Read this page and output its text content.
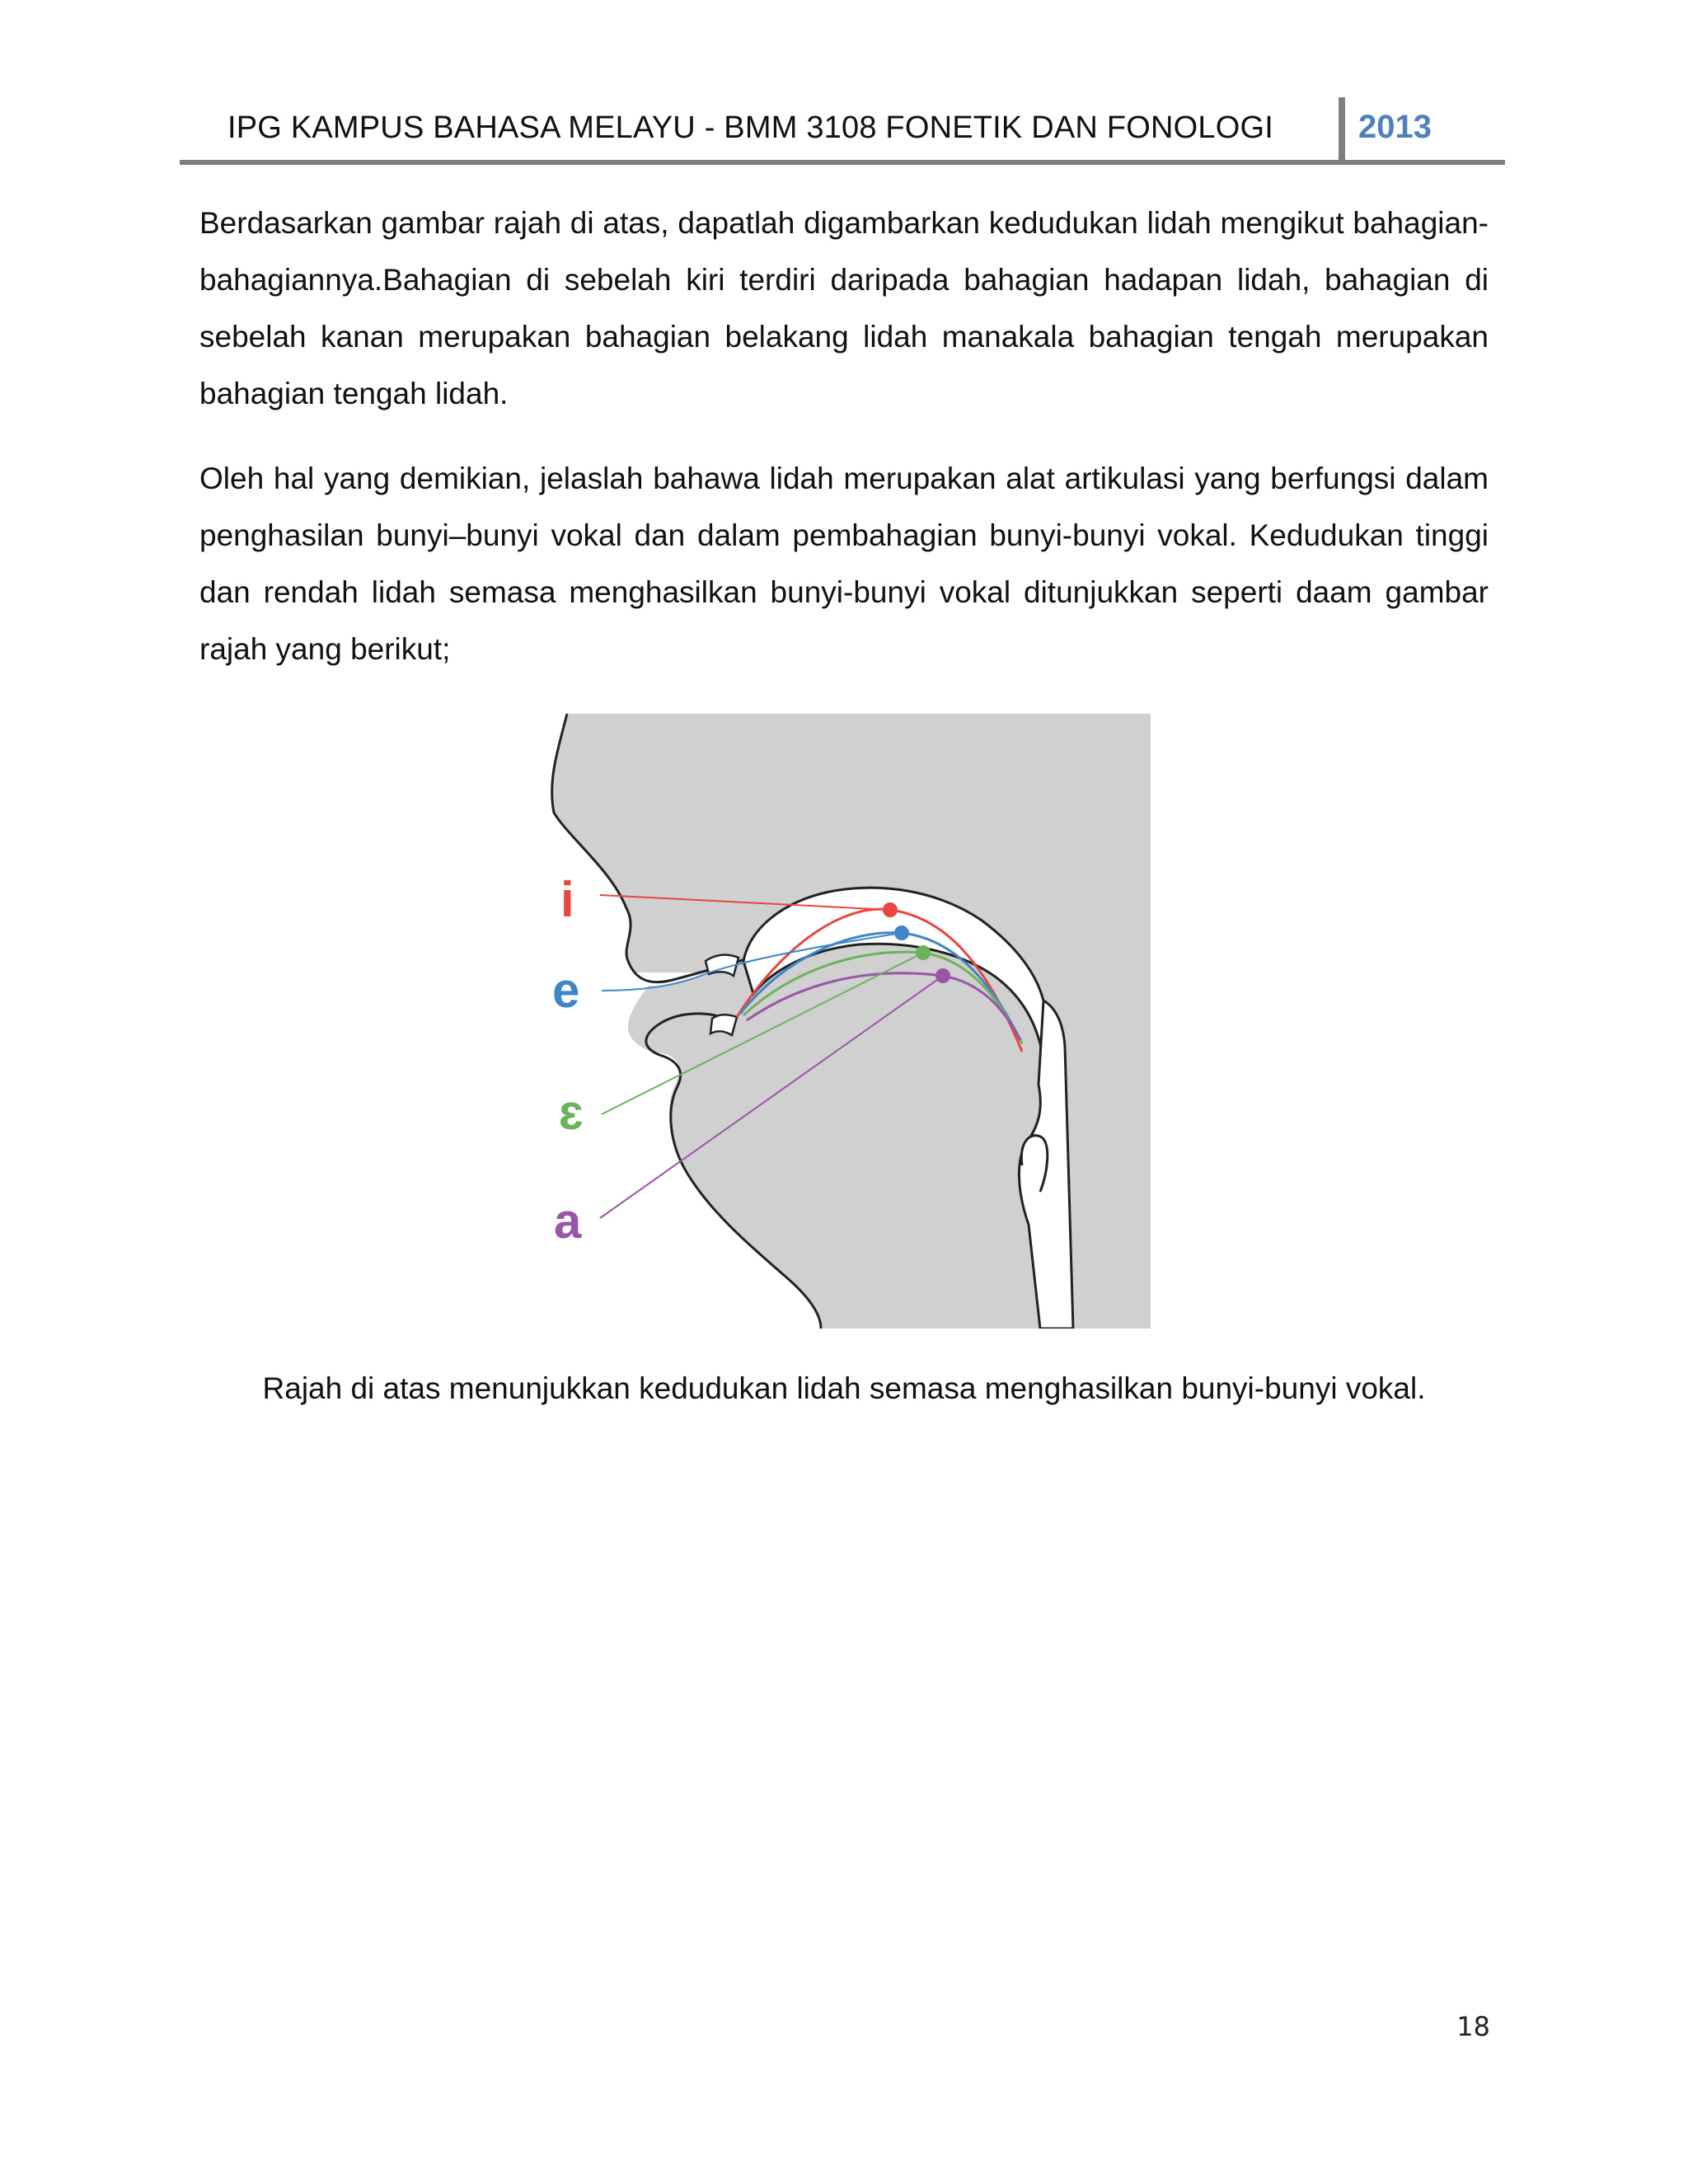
IPG KAMPUS BAHASA MELAYU - BMM 3108 FONETIK DAN FONOLOGI	2013

Berdasarkan gambar rajah di atas, dapatlah digambarkan kedudukan lidah mengikut bahagian-bahagiannya.Bahagian di sebelah kiri terdiri daripada bahagian hadapan lidah, bahagian di sebelah kanan merupakan bahagian belakang lidah manakala bahagian tengah merupakan bahagian tengah lidah.

Oleh hal yang demikian, jelaslah bahawa lidah merupakan alat artikulasi yang berfungsi dalam penghasilan bunyi–bunyi vokal dan dalam pembahagian bunyi-bunyi vokal. Kedudukan tinggi dan rendah lidah semasa menghasilkan bunyi-bunyi vokal ditunjukkan seperti daam gambar rajah yang berikut;

i
e
ɛ
a

Rajah di atas menunjukkan kedudukan lidah semasa menghasilkan bunyi-bunyi vokal.

18
